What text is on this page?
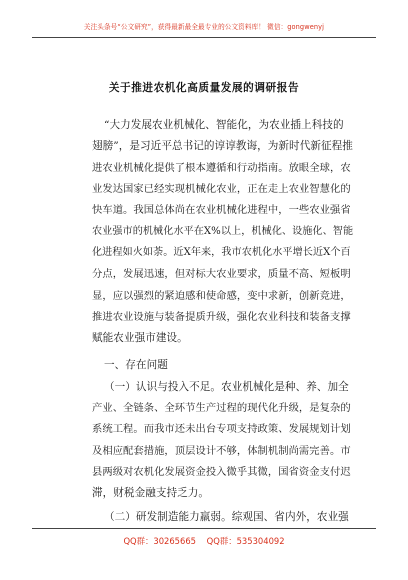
关注头条号“公文研究”，获得最新最全最专业的公文资料库！ 微信：gongwenyj
关于推进农机化高质量发展的调研报告
“大力发展农业机械化、智能化，为农业插上科技的
翅膀”，是习近平总书记的谆谆教诲，为新时代新征程推
进农业机械化提供了根本遵循和行动指南。放眼全球，农
业发达国家已经实现机械化农业，正在走上农业智慧化的
快车道。我国总体尚在农业机械化进程中，一些农业强省
农业强市的机械化水平在X%以上，机械化、设施化、智能
化进程如火如荼。近X年来，我市农机化水平增长近X个百
分点，发展迅速，但对标大农业要求，质量不高、短板明
显，应以强烈的紧迫感和使命感，变中求新，创新竞进，
推进农业设施与装备提质升级，强化农业科技和装备支撑
赋能农业强市建设。
一、存在问题
（一）认识与投入不足。农业机械化是种、养、加全
产业、全链条、全环节生产过程的现代化升级，是复杂的
系统工程。而我市还未出台专项支持政策、发展规划计划
及相应配套措施，顶层设计不够，体制机制尚需完善。市
县两级对农机化发展资金投入微乎其微，国省资金支付迟
滞，财税金融支持乏力。
（二）研发制造能力羸弱。综观国、省内外，农业强
QQ群：30265665 QQ群：535304092
